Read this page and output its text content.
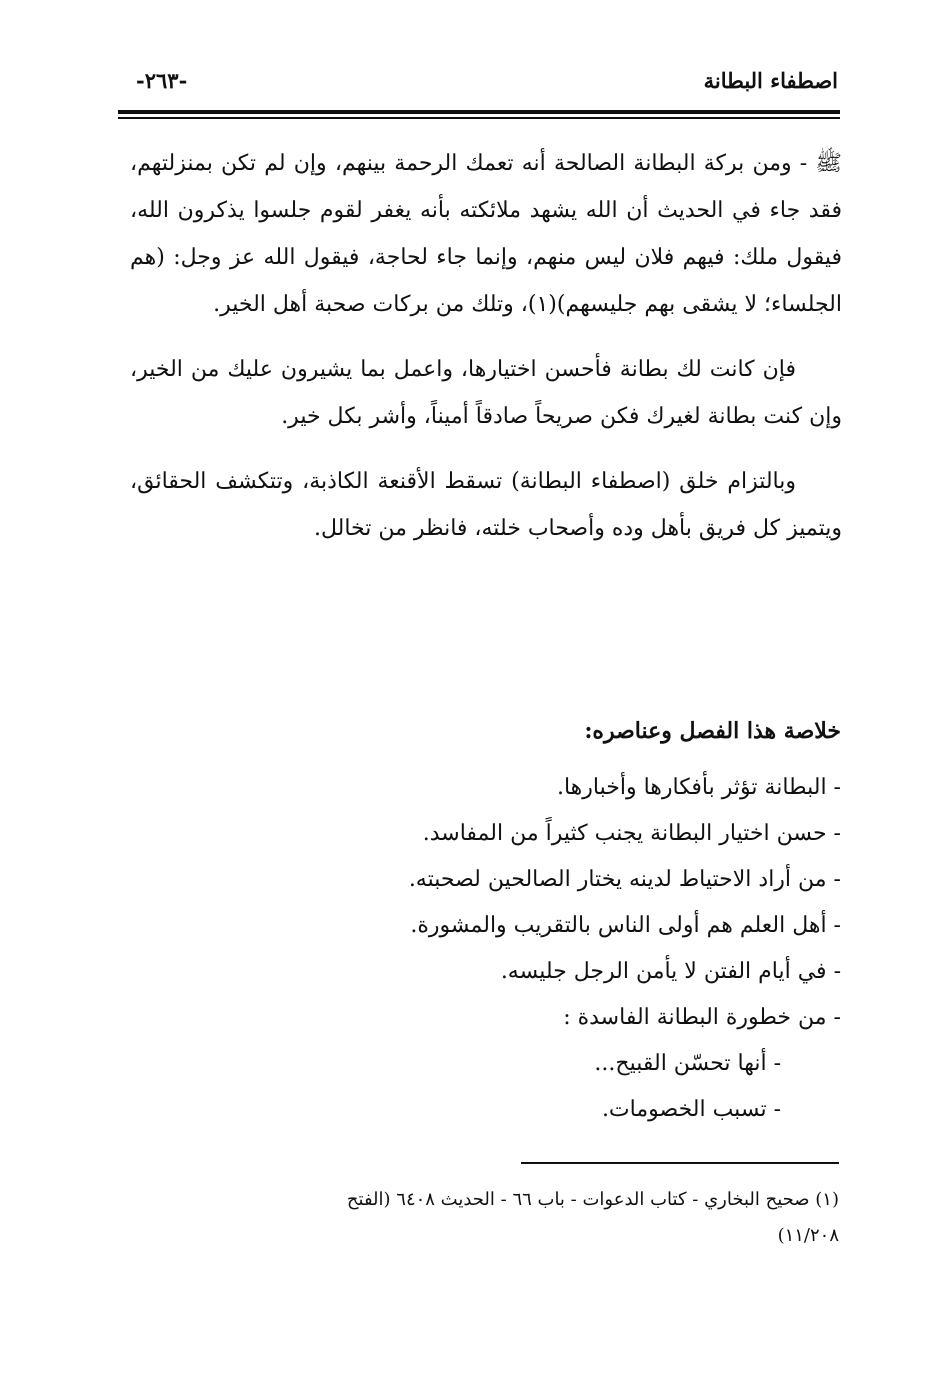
اصطفاء البطانة
-٢٦٣-

ﷺ - ومن بركة البطانة الصالحة أنه تعمك الرحمة بينهم، وإن لم تكن بمنزلتهم، فقد جاء في الحديث أن الله يشهد ملائكته بأنه يغفر لقوم جلسوا يذكرون الله، فيقول ملك: فيهم فلان ليس منهم، وإنما جاء لحاجة، فيقول الله عز وجل: (هم الجلساء؛ لا يشقى بهم جليسهم)(١)، وتلك من بركات صحبة أهل الخير.

فإن كانت لك بطانة فأحسن اختيارها، واعمل بما يشيرون عليك من الخير، وإن كنت بطانة لغيرك فكن صريحاً صادقاً أميناً، وأشر بكل خير.

وبالتزام خلق (اصطفاء البطانة) تسقط الأقنعة الكاذبة، وتتكشف الحقائق، ويتميز كل فريق بأهل وده وأصحاب خلته، فانظر من تخالل.

خلاصة هذا الفصل وعناصره:
- البطانة تؤثر بأفكارها وأخبارها.
- حسن اختيار البطانة يجنب كثيراً من المفاسد.
- من أراد الاحتياط لدينه يختار الصالحين لصحبته.
- أهل العلم هم أولى الناس بالتقريب والمشورة.
- في أيام الفتن لا يأمن الرجل جليسه.
- من خطورة البطانة الفاسدة :
- أنها تحسّن القبيح...
- تسبب الخصومات.
(١) صحيح البخاري - كتاب الدعوات - باب ٦٦ - الحديث ٦٤٠٨ (الفتح
١١/٢٠٨)
